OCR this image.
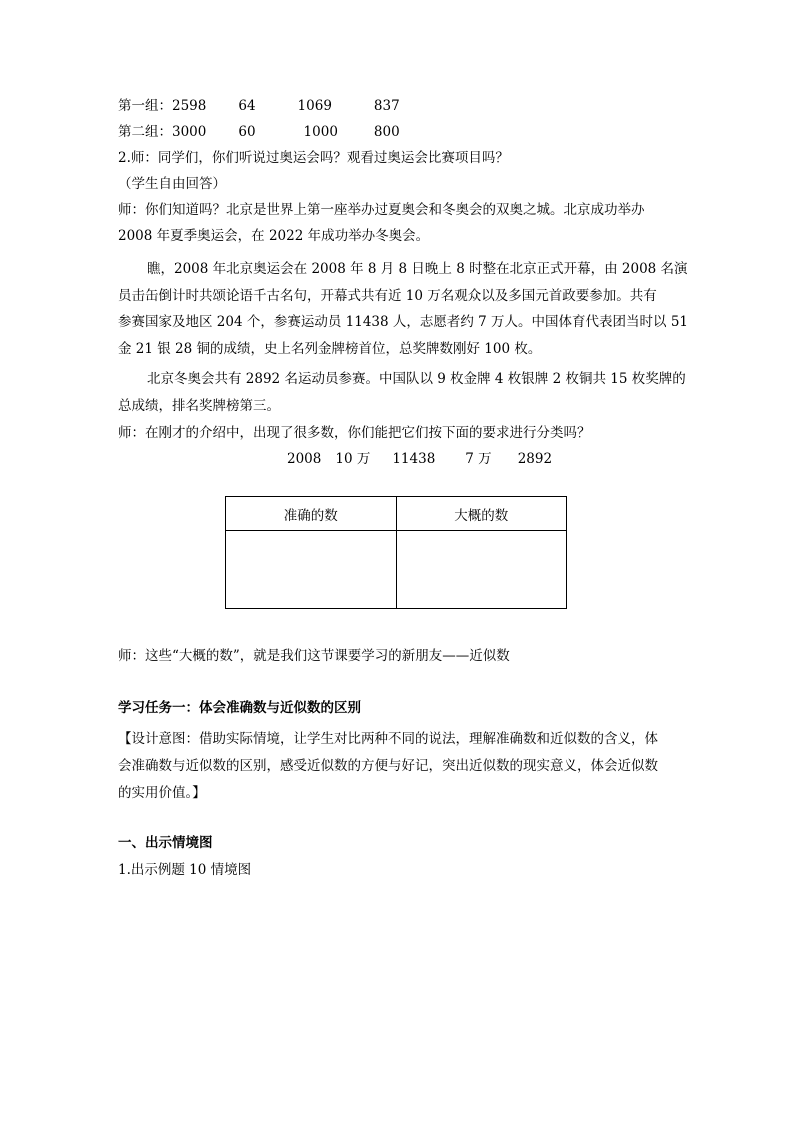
第一组：2598 64	1069	837
第二组：3000 60	1000	800
2.师：同学们，你们听说过奥运会吗？观看过奥运会比赛项目吗？
（学生自由回答）
师：你们知道吗？北京是世界上第一座举办过夏奥会和冬奥会的双奥之城。北京成功举办
2008 年夏季奥运会，在 2022 年成功举办冬奥会。
瞧，2008 年北京奥运会在 2008 年 8 月 8 日晚上 8 时整在北京正式开幕，由 2008 名演
员击缶倒计时共颂论语千古名句，开幕式共有近 10 万名观众以及多国元首政要参加。共有
参赛国家及地区 204 个，参赛运动员 11438 人，志愿者约 7 万人。中国体育代表团当时以 51
金 21 银 28 铜的成绩，史上名列金牌榜首位，总奖牌数刚好 100 枚。
北京冬奥会共有 2892 名运动员参赛。中国队以 9 枚金牌 4 枚银牌 2 枚铜共 15 枚奖牌的
总成绩，排名奖牌榜第三。
师：在刚才的介绍中，出现了很多数，你们能把它们按下面的要求进行分类吗？
2008 10 万 11438 7 万 2892
准确的数	大概的数

师：这些“大概的数”，就是我们这节课要学习的新朋友——近似数
学习任务一：体会准确数与近似数的区别
【设计意图：借助实际情境，让学生对比两种不同的说法，理解准确数和近似数的含义，体
会准确数与近似数的区别，感受近似数的方便与好记，突出近似数的现实意义，体会近似数
的实用价值。】
一、出示情境图
1.出示例题 10 情境图
